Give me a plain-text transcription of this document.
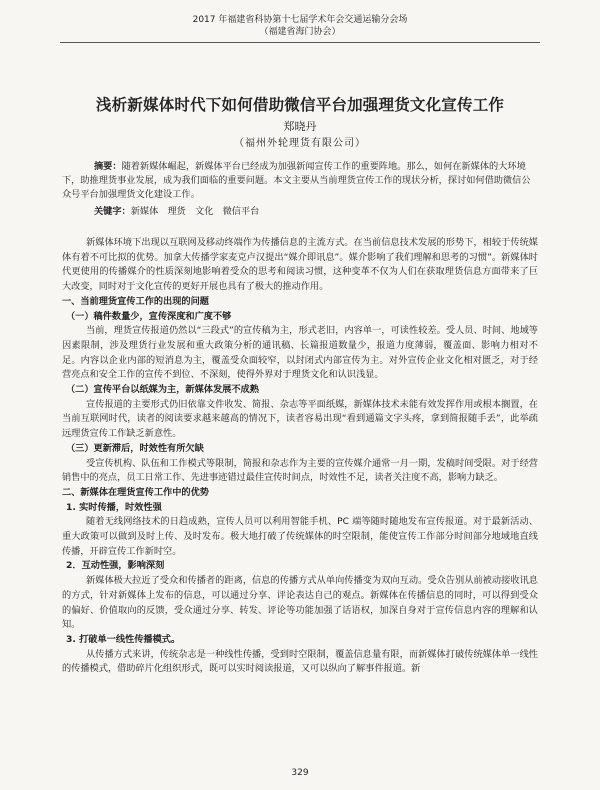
2017 年福建省科协第十七届学术年会交通运输分会场
（福建省海门协会）
浅析新媒体时代下如何借助微信平台加强理货文化宣传工作
郑晓丹
（福州外轮理货有限公司）
摘要：随着新媒体崛起，新媒体平台已经成为加强新闻宣传工作的重要阵地。那么，如何在新媒体的大环境下，助推理货事业发展，成为我们面临的重要问题。本文主要从当前理货宣传工作的现状分析，探讨如何借助微信公众号平台加强理货文化建设工作。
关键字：新媒体　理货　文化　微信平台

新媒体环境下出现以互联网及移动终端作为传播信息的主流方式。在当前信息技术发展的形势下，相较于传统媒体有着不可比拟的优势。加拿大传播学家麦克卢汉提出“媒介即讯息”。媒介影响了我们理解和思考的习惯”。新媒体时代更使用的传播媒介的性质深刻地影响着受众的思考和阅读习惯，这种变革不仅为人们在获取理货信息方面带来了巨大改变，同时对于文化宣传的更好开展也具有了极大的推动作用。

一、当前理货宣传工作的出现的问题
（一）稿件数量少，宣传深度和广度不够

当前，理货宣传报道仍然以“三段式”的宣传稿为主，形式老旧，内容单一，可读性较差。受人员、时间、地域等因素限制，涉及理货行业发展和重大政策分析的通讯稿、长篇报道数量少，报道力度薄弱，覆盖面、影响力相对不足。内容以企业内部的短消息为主，覆盖受众面较窄，以封闭式内部宣传为主。对外宣传企业文化相对匮乏，对于经营亮点和安全工作的宣传不到位、不深刻，使得外界对于理货文化和认识浅显。

（二）宣传平台以纸媒为主，新媒体发展不成熟

宣传报道的主要形式仍旧依靠文件收发、简报、杂志等平面纸媒，新媒体技术未能有效发挥作用或根本搁置，在当前互联网时代，读者的阅读要求越来越高的情况下，读者容易出现“看到通篇文字头疼，拿到简报随手丢”，此举疏远理货宣传工作缺乏新意性。

（三）更新滞后，时效性有所欠缺

受宣传机构、队伍和工作模式等限制，简报和杂志作为主要的宣传媒介通常一月一期，发稿时间受限。对于经营销售中的亮点，员工日常工作、先进事迹错过最佳宣传时间点，时效性不足，读者关注度不高，影响力缺乏。

二、新媒体在理货宣传工作中的优势
1. 实时传播，时效性强

随着无线网络技术的日趋成熟，宣传人员可以利用智能手机、PC 端等随时随地发布宣传报道。对于最新活动、重大政策可以做到及时上传、及时发布。极大地打破了传统媒体的时空限制，能使宣传工作部分时间部分地域地直线传播，开辟宣传工作新时空。

2．互动性强，影响深刻

新媒体极大拉近了受众和传播者的距离，信息的传播方式从单向传播变为双向互动。受众告别从前被动接收讯息的方式，针对新媒体上发布的信息，可以通过分享、评论表达自己的观点。新媒体在传播信息的同时，可以得到受众的偏好、价值取向的反馈，受众通过分享、转发、评论等功能加强了话语权，加深自身对于宣传信息内容的理解和认知。

3. 打破单一线性传播模式。

从传播方式来讲，传统杂志是一种线性传播，受到时空限制，覆盖信息量有限，而新媒体打破传统媒体单一线性的传播模式，借助碎片化组织形式，既可以实时阅读报道，又可以纵向了解事件报道。新

329
